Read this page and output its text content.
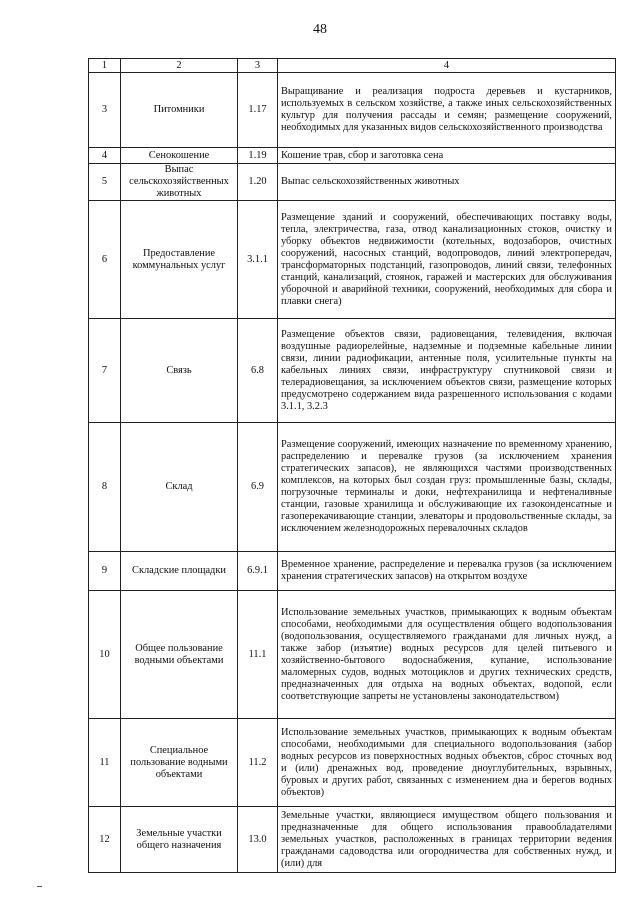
48
1	2	3	4
3	Питомники	1.17	Выращивание и реализация подроста деревьев и кустарников, используемых в сельском хозяйстве, а также иных сельскохозяйственных культур для получения рассады и семян; размещение сооружений, необходимых для указанных видов сельскохозяйственного производства
4	Сенокошение	1.19	Кошение трав, сбор и заготовка сена
5	Выпас сельскохозяйственных животных	1.20	Выпас сельскохозяйственных животных
6	Предоставление коммунальных услуг	3.1.1	Размещение зданий и сооружений, обеспечивающих поставку воды, тепла, электричества, газа, отвод канализационных стоков, очистку и уборку объектов недвижимости (котельных, водозаборов, очистных сооружений, насосных станций, водопроводов, линий электропередач, трансформаторных подстанций, газопроводов, линий связи, телефонных станций, канализаций, стоянок, гаражей и мастерских для обслуживания уборочной и аварийной техники, сооружений, необходимых для сбора и плавки снега)
7	Связь	6.8	Размещение объектов связи, радиовещания, телевидения, включая воздушные радиорелейные, надземные и подземные кабельные линии связи, линии радиофикации, антенные поля, усилительные пункты на кабельных линиях связи, инфраструктуру спутниковой связи и телерадиовещания, за исключением объектов связи, размещение которых предусмотрено содержанием вида разрешенного использования с кодами 3.1.1, 3.2.3
8	Склад	6.9	Размещение сооружений, имеющих назначение по временному хранению, распределению и перевалке грузов (за исключением хранения стратегических запасов), не являющихся частями производственных комплексов, на которых был создан груз: промышленные базы, склады, погрузочные терминалы и доки, нефтехранилища и нефтеналивные станции, газовые хранилища и обслуживающие их газоконденсатные и газоперекачивающие станции, элеваторы и продовольственные склады, за исключением железнодорожных перевалочных складов
9	Складские площадки	6.9.1	Временное хранение, распределение и перевалка грузов (за исключением хранения стратегических запасов) на открытом воздухе
10	Общее пользование водными объектами	11.1	Использование земельных участков, примыкающих к водным объектам способами, необходимыми для осуществления общего водопользования (водопользования, осуществляемого гражданами для личных нужд, а также забор (изъятие) водных ресурсов для целей питьевого и хозяйственно-бытового водоснабжения, купание, использование маломерных судов, водных мотоциклов и других технических средств, предназначенных для отдыха на водных объектах, водопой, если соответствующие запреты не установлены законодательством)
11	Специальное пользование водными объектами	11.2	Использование земельных участков, примыкающих к водным объектам способами, необходимыми для специального водопользования (забор водных ресурсов из поверхностных водных объектов, сброс сточных вод и (или) дренажных вод, проведение дноуглубительных, взрывных, буровых и других работ, связанных с изменением дна и берегов водных объектов)
12	Земельные участки общего назначения	13.0	Земельные участки, являющиеся имуществом общего пользования и предназначенные для общего использования правообладателями земельных участков, расположенных в границах территории ведения гражданами садоводства или огородничества для собственных нужд, и (или) для
